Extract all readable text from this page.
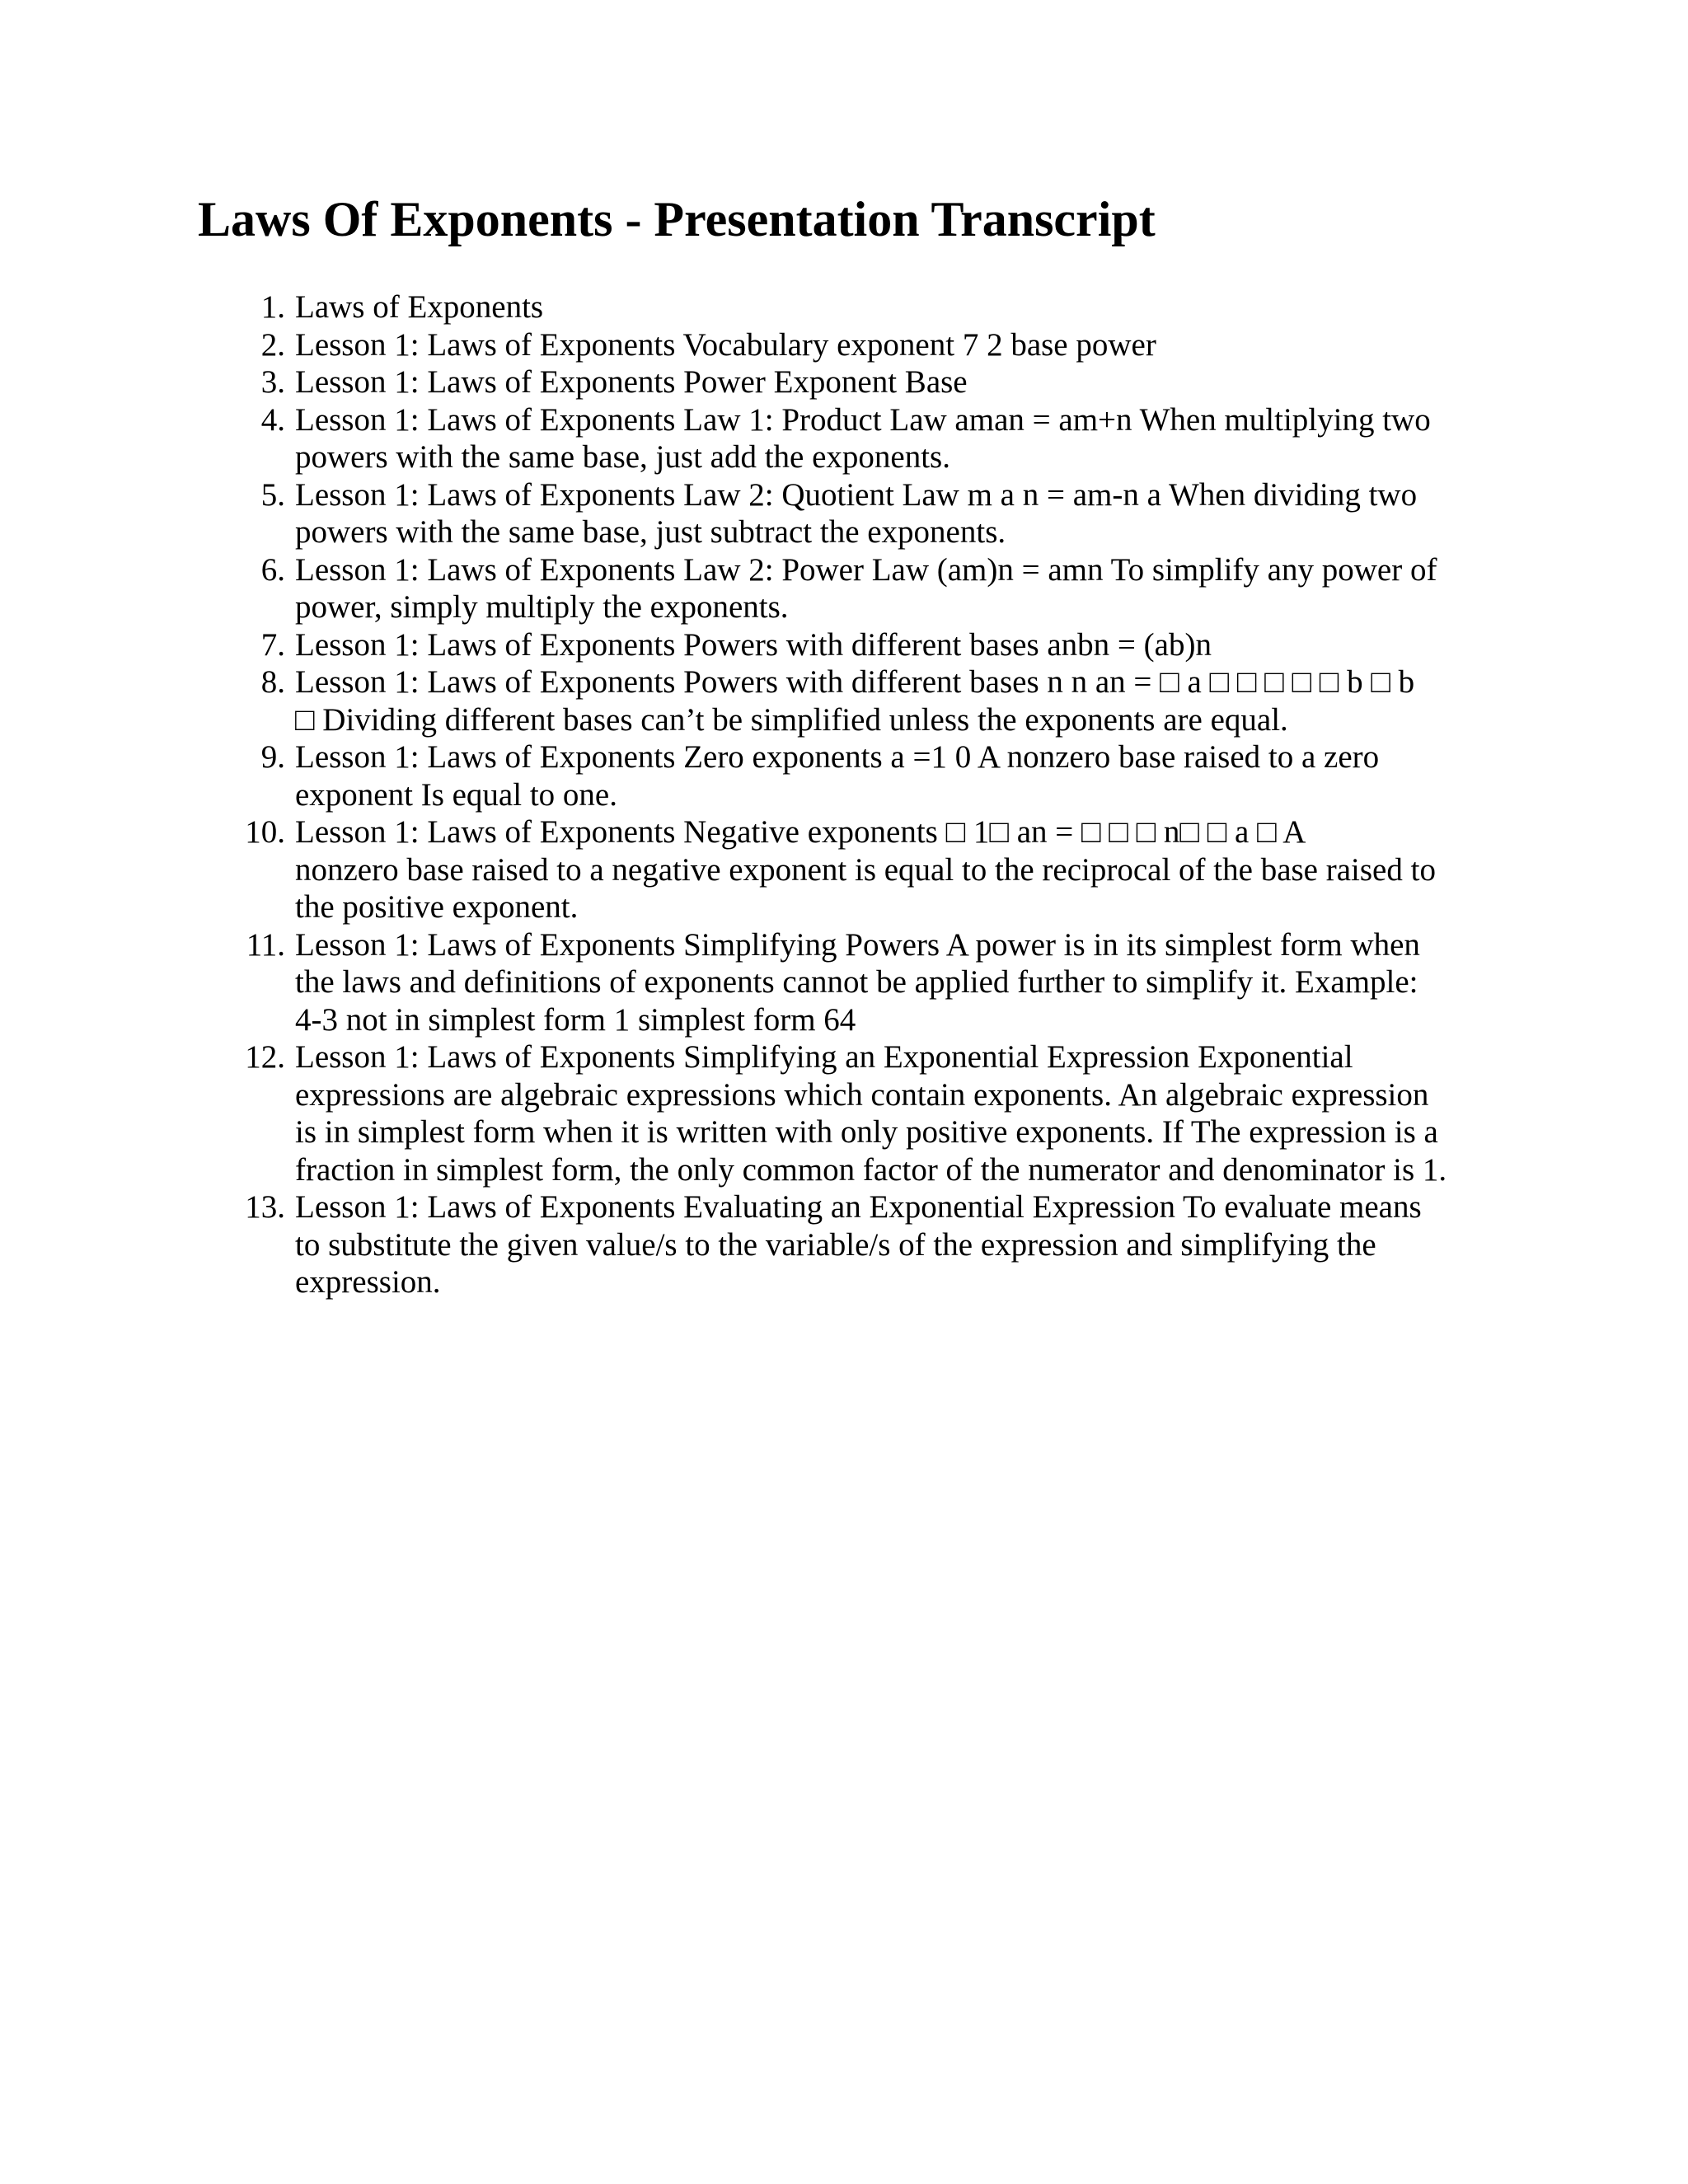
Laws Of Exponents - Presentation Transcript
1. Laws of Exponents
2. Lesson 1: Laws of Exponents Vocabulary exponent 7 2 base power
3. Lesson 1: Laws of Exponents Power Exponent Base
4. Lesson 1: Laws of Exponents Law 1: Product Law aman = am+n When multiplying two
powers with the same base, just add the exponents.
5. Lesson 1: Laws of Exponents Law 2: Quotient Law m a n = am-n a When dividing two
powers with the same base, just subtract the exponents.
6. Lesson 1: Laws of Exponents Law 2: Power Law (am)n = amn To simplify any power of
power, simply multiply the exponents.
7. Lesson 1: Laws of Exponents Powers with different bases anbn = (ab)n
8. Lesson 1: Laws of Exponents Powers with different bases n n an = □ a □ □ □ □ □ b □ b
□ Dividing different bases can’t be simplified unless the exponents are equal.
9. Lesson 1: Laws of Exponents Zero exponents a =1 0 A nonzero base raised to a zero
exponent Is equal to one.
10. Lesson 1: Laws of Exponents Negative exponents □ 1□ an = □ □ □ n□ □ a □ A
nonzero base raised to a negative exponent is equal to the reciprocal of the base raised to
the positive exponent.
11. Lesson 1: Laws of Exponents Simplifying Powers A power is in its simplest form when
the laws and definitions of exponents cannot be applied further to simplify it. Example:
4-3 not in simplest form 1 simplest form 64
12. Lesson 1: Laws of Exponents Simplifying an Exponential Expression Exponential
expressions are algebraic expressions which contain exponents. An algebraic expression
is in simplest form when it is written with only positive exponents. If The expression is a
fraction in simplest form, the only common factor of the numerator and denominator is 1.
13. Lesson 1: Laws of Exponents Evaluating an Exponential Expression To evaluate means
to substitute the given value/s to the variable/s of the expression and simplifying the
expression.
